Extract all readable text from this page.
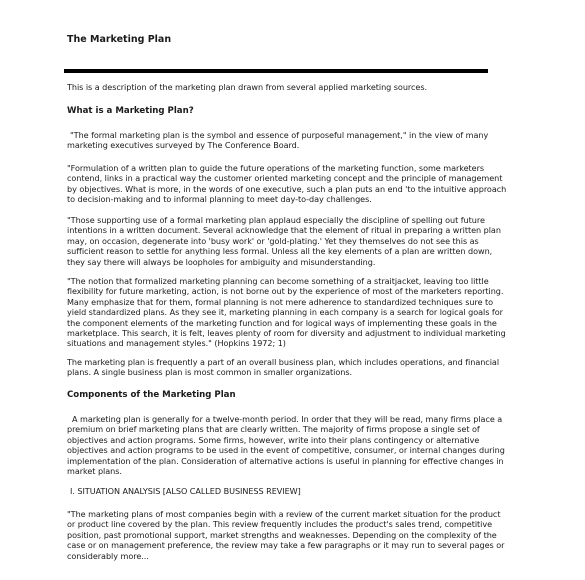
The Marketing Plan

This is a description of the marketing plan drawn from several applied marketing sources.

What is a Marketing Plan?

"The formal marketing plan is the symbol and essence of purposeful management," in the view of many marketing executives surveyed by The Conference Board.

"Formulation of a written plan to guide the future operations of the marketing function, some marketers contend, links in a practical way the customer oriented marketing concept and the principle of management by objectives. What is more, in the words of one executive, such a plan puts an end 'to the intuitive approach to decision-making and to informal planning to meet day-to-day challenges.

"Those supporting use of a formal marketing plan applaud especially the discipline of spelling out future intentions in a written document. Several acknowledge that the element of ritual in preparing a written plan may, on occasion, degenerate into 'busy work' or 'gold-plating.' Yet they themselves do not see this as sufficient reason to settle for anything less formal. Unless all the key elements of a plan are written down, they say there will always be loopholes for ambiguity and misunderstanding.

"The notion that formalized marketing planning can become something of a straitjacket, leaving too little flexibility for future marketing, action, is not borne out by the experience of most of the marketers reporting. Many emphasize that for them, formal planning is not mere adherence to standardized techniques sure to yield standardized plans. As they see it, marketing planning in each company is a search for logical goals for the component elements of the marketing function and for logical ways of implementing these goals in the marketplace. This search, it is felt, leaves plenty of room for diversity and adjustment to individual marketing situations and management styles." (Hopkins 1972; 1)

The marketing plan is frequently a part of an overall business plan, which includes operations, and financial plans. A single business plan is most common in smaller organizations.

Components of the Marketing Plan

A marketing plan is generally for a twelve-month period. In order that they will be read, many firms place a premium on brief marketing plans that are clearly written. The majority of firms propose a single set of objectives and action programs. Some firms, however, write into their plans contingency or alternative objectives and action programs to be used in the event of competitive, consumer, or internal changes during implementation of the plan. Consideration of alternative actions is useful in planning for effective changes in market plans.

I. SITUATION ANALYSIS [ALSO CALLED BUSINESS REVIEW]

"The marketing plans of most companies begin with a review of the current market situation for the product or product line covered by the plan. This review frequently includes the product's sales trend, competitive position, past promotional support, market strengths and weaknesses. Depending on the complexity of the case or on management preference, the review may take a few paragraphs or it may run to several pages or considerably more...
